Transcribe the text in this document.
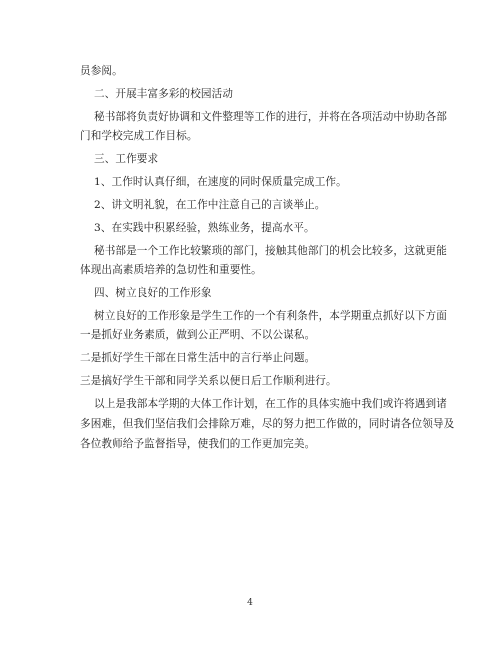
员参阅。
二、开展丰富多彩的校园活动
秘书部将负责好协调和文件整理等工作的进行，并将在各项活动中协助各部
门和学校完成工作目标。
三、工作要求
1、工作时认真仔细，在速度的同时保质量完成工作。
2、讲文明礼貌，在工作中注意自己的言谈举止。
3、在实践中积累经验，熟练业务，提高水平。
秘书部是一个工作比较繁琐的部门，接触其他部门的机会比较多，这就更能
体现出高素质培养的急切性和重要性。
四、树立良好的工作形象
树立良好的工作形象是学生工作的一个有利条件，本学期重点抓好以下方面
一是抓好业务素质，做到公正严明、不以公谋私。
二是抓好学生干部在日常生活中的言行举止问题。
三是搞好学生干部和同学关系以便日后工作顺利进行。
以上是我部本学期的大体工作计划，在工作的具体实施中我们或许将遇到诸
多困难，但我们坚信我们会排除万难，尽的努力把工作做的，同时请各位领导及
各位教师给予监督指导，使我们的工作更加完美。
4
